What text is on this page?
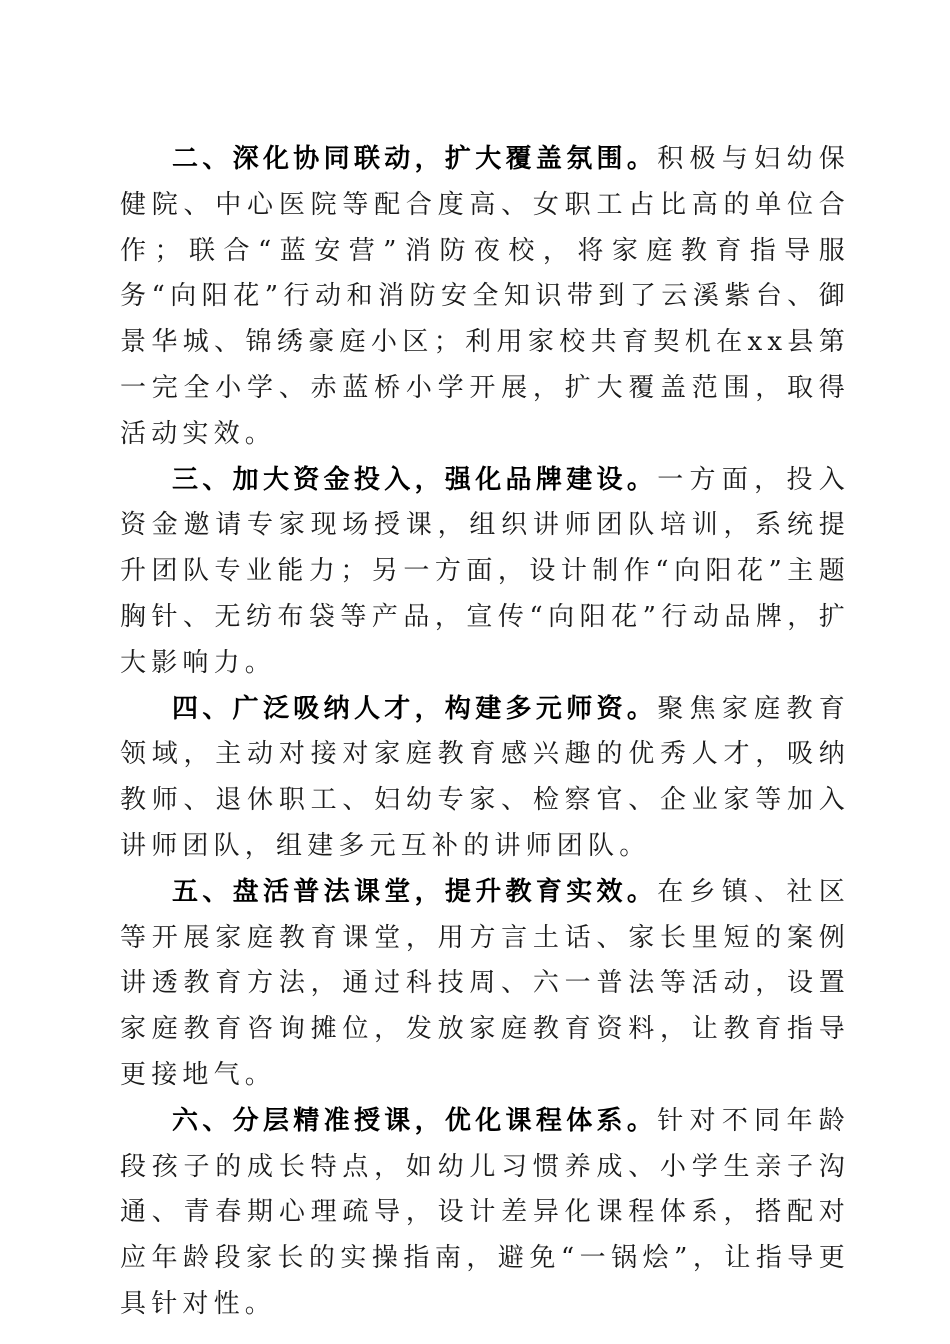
二、深化协同联动，扩大覆盖氛围。积极与妇幼保健院、中心医院等配合度高、女职工占比高的单位合作；联合“蓝安营”消防夜校，将家庭教育指导服务“向阳花”行动和消防安全知识带到了云溪紫台、御景华城、锦绣豪庭小区；利用家校共育契机在xx县第一完全小学、赤蓝桥小学开展，扩大覆盖范围，取得活动实效。

三、加大资金投入，强化品牌建设。一方面，投入资金邀请专家现场授课，组织讲师团队培训，系统提升团队专业能力；另一方面，设计制作“向阳花”主题胸针、无纺布袋等产品，宣传“向阳花”行动品牌，扩大影响力。

四、广泛吸纳人才，构建多元师资。聚焦家庭教育领域，主动对接对家庭教育感兴趣的优秀人才，吸纳教师、退休职工、妇幼专家、检察官、企业家等加入讲师团队，组建多元互补的讲师团队。

五、盘活普法课堂，提升教育实效。在乡镇、社区等开展家庭教育课堂，用方言土话、家长里短的案例讲透教育方法，通过科技周、六一普法等活动，设置家庭教育咨询摊位，发放家庭教育资料，让教育指导更接地气。

六、分层精准授课，优化课程体系。针对不同年龄段孩子的成长特点，如幼儿习惯养成、小学生亲子沟通、青春期心理疏导，设计差异化课程体系，搭配对应年龄段家长的实操指南，避免“一锅烩”，让指导更具针对性。
